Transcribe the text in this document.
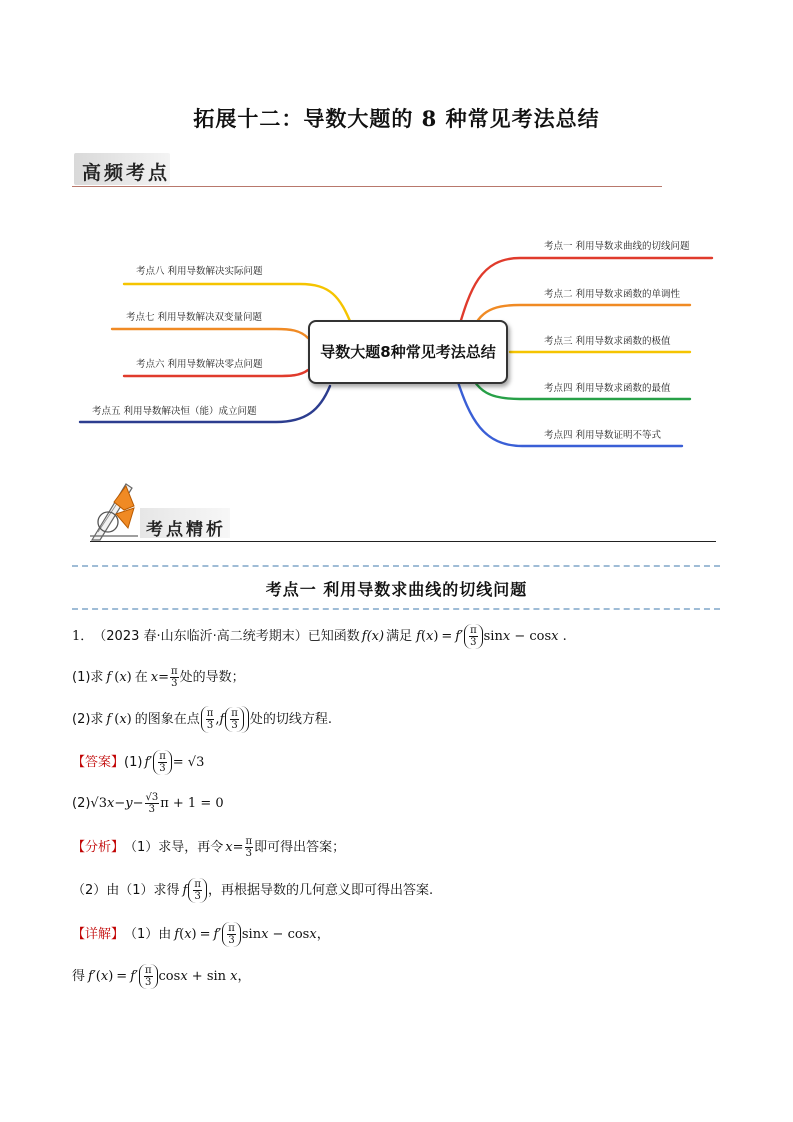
拓展十二：导数大题的 8 种常见考法总结
高频考点
导数大题8种常见考法总结
考点一 利用导数求曲线的切线问题
考点二 利用导数求函数的单调性
考点三 利用导数求函数的极值
考点四 利用导数求函数的最值
考点四 利用导数证明不等式
考点八 利用导数解决实际问题
考点七 利用导数解决双变量问题
考点六 利用导数解决零点问题
考点五 利用导数解决恒（能）成立问题
考点精析
考点一 利用导数求曲线的切线问题
1． （2023 春·山东临沂·高二统考期末）已知函数 f(x) 满足 f ( x ) = $f' \frac{\pi}{3}$ sinx − cosx .
(1)求 f ( x ) 在 $x = \frac{\pi}{3}$ 处的导数；
(2)求 f ( x ) 的图象在点 $\frac{\pi}{3}$ , f $\frac{\pi}{3}$ 处的切线方程.
【答案】 (1) $f' \frac{\pi}{3} = √3$
(2) √3 $x - y - \frac{√3}{3}$ π + 1 = 0
【分析】 （1）求导，再令 $x = \frac{\pi}{3}$ 即可得出答案；
（2）由（1）求得 f $\frac{\pi}{3}$ ，再根据导数的几何意义即可得出答案.
【详解】 （1）由 f ( x ) = $f' \frac{\pi}{3}$ sinx − cosx ，
得 f′ ( x ) = $f' \frac{\pi}{3}$ cosx + sin x ，
